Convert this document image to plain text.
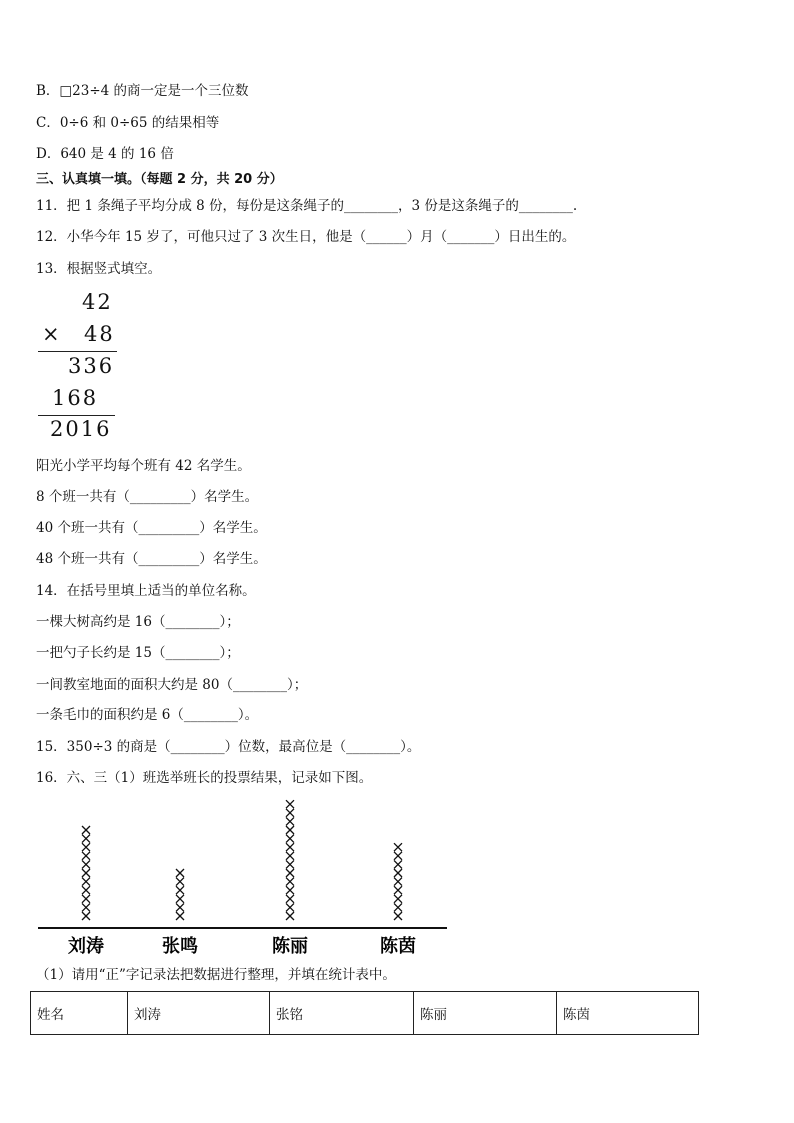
B．□23÷4 的商一定是一个三位数
C．0÷6 和 0÷65 的结果相等
D．640 是 4 的 16 倍
三、认真填一填。（每题 2 分，共 20 分）
11．把 1 条绳子平均分成 8 份，每份是这条绳子的________，3 份是这条绳子的________.
12．小华今年 15 岁了，可他只过了 3 次生日，他是（______）月（_______）日出生的。
13．根据竖式填空。
42
× 48
336
168
2016
阳光小学平均每个班有 42 名学生。
8 个班一共有（_________）名学生。
40 个班一共有（_________）名学生。
48 个班一共有（_________）名学生。
14．在括号里填上适当的单位名称。
一棵大树高约是 16（________）；
一把勺子长约是 15（________）；
一间教室地面的面积大约是 80（________）；
一条毛巾的面积约是 6（________）。
15．350÷3 的商是（________）位数，最高位是（________）。
16．六、三（1）班选举班长的投票结果，记录如下图。
刘涛	张鸣	陈丽	陈茵
（1）请用“正”字记录法把数据进行整理，并填在统计表中。
姓名	刘涛	张铭	陈丽	陈茵
